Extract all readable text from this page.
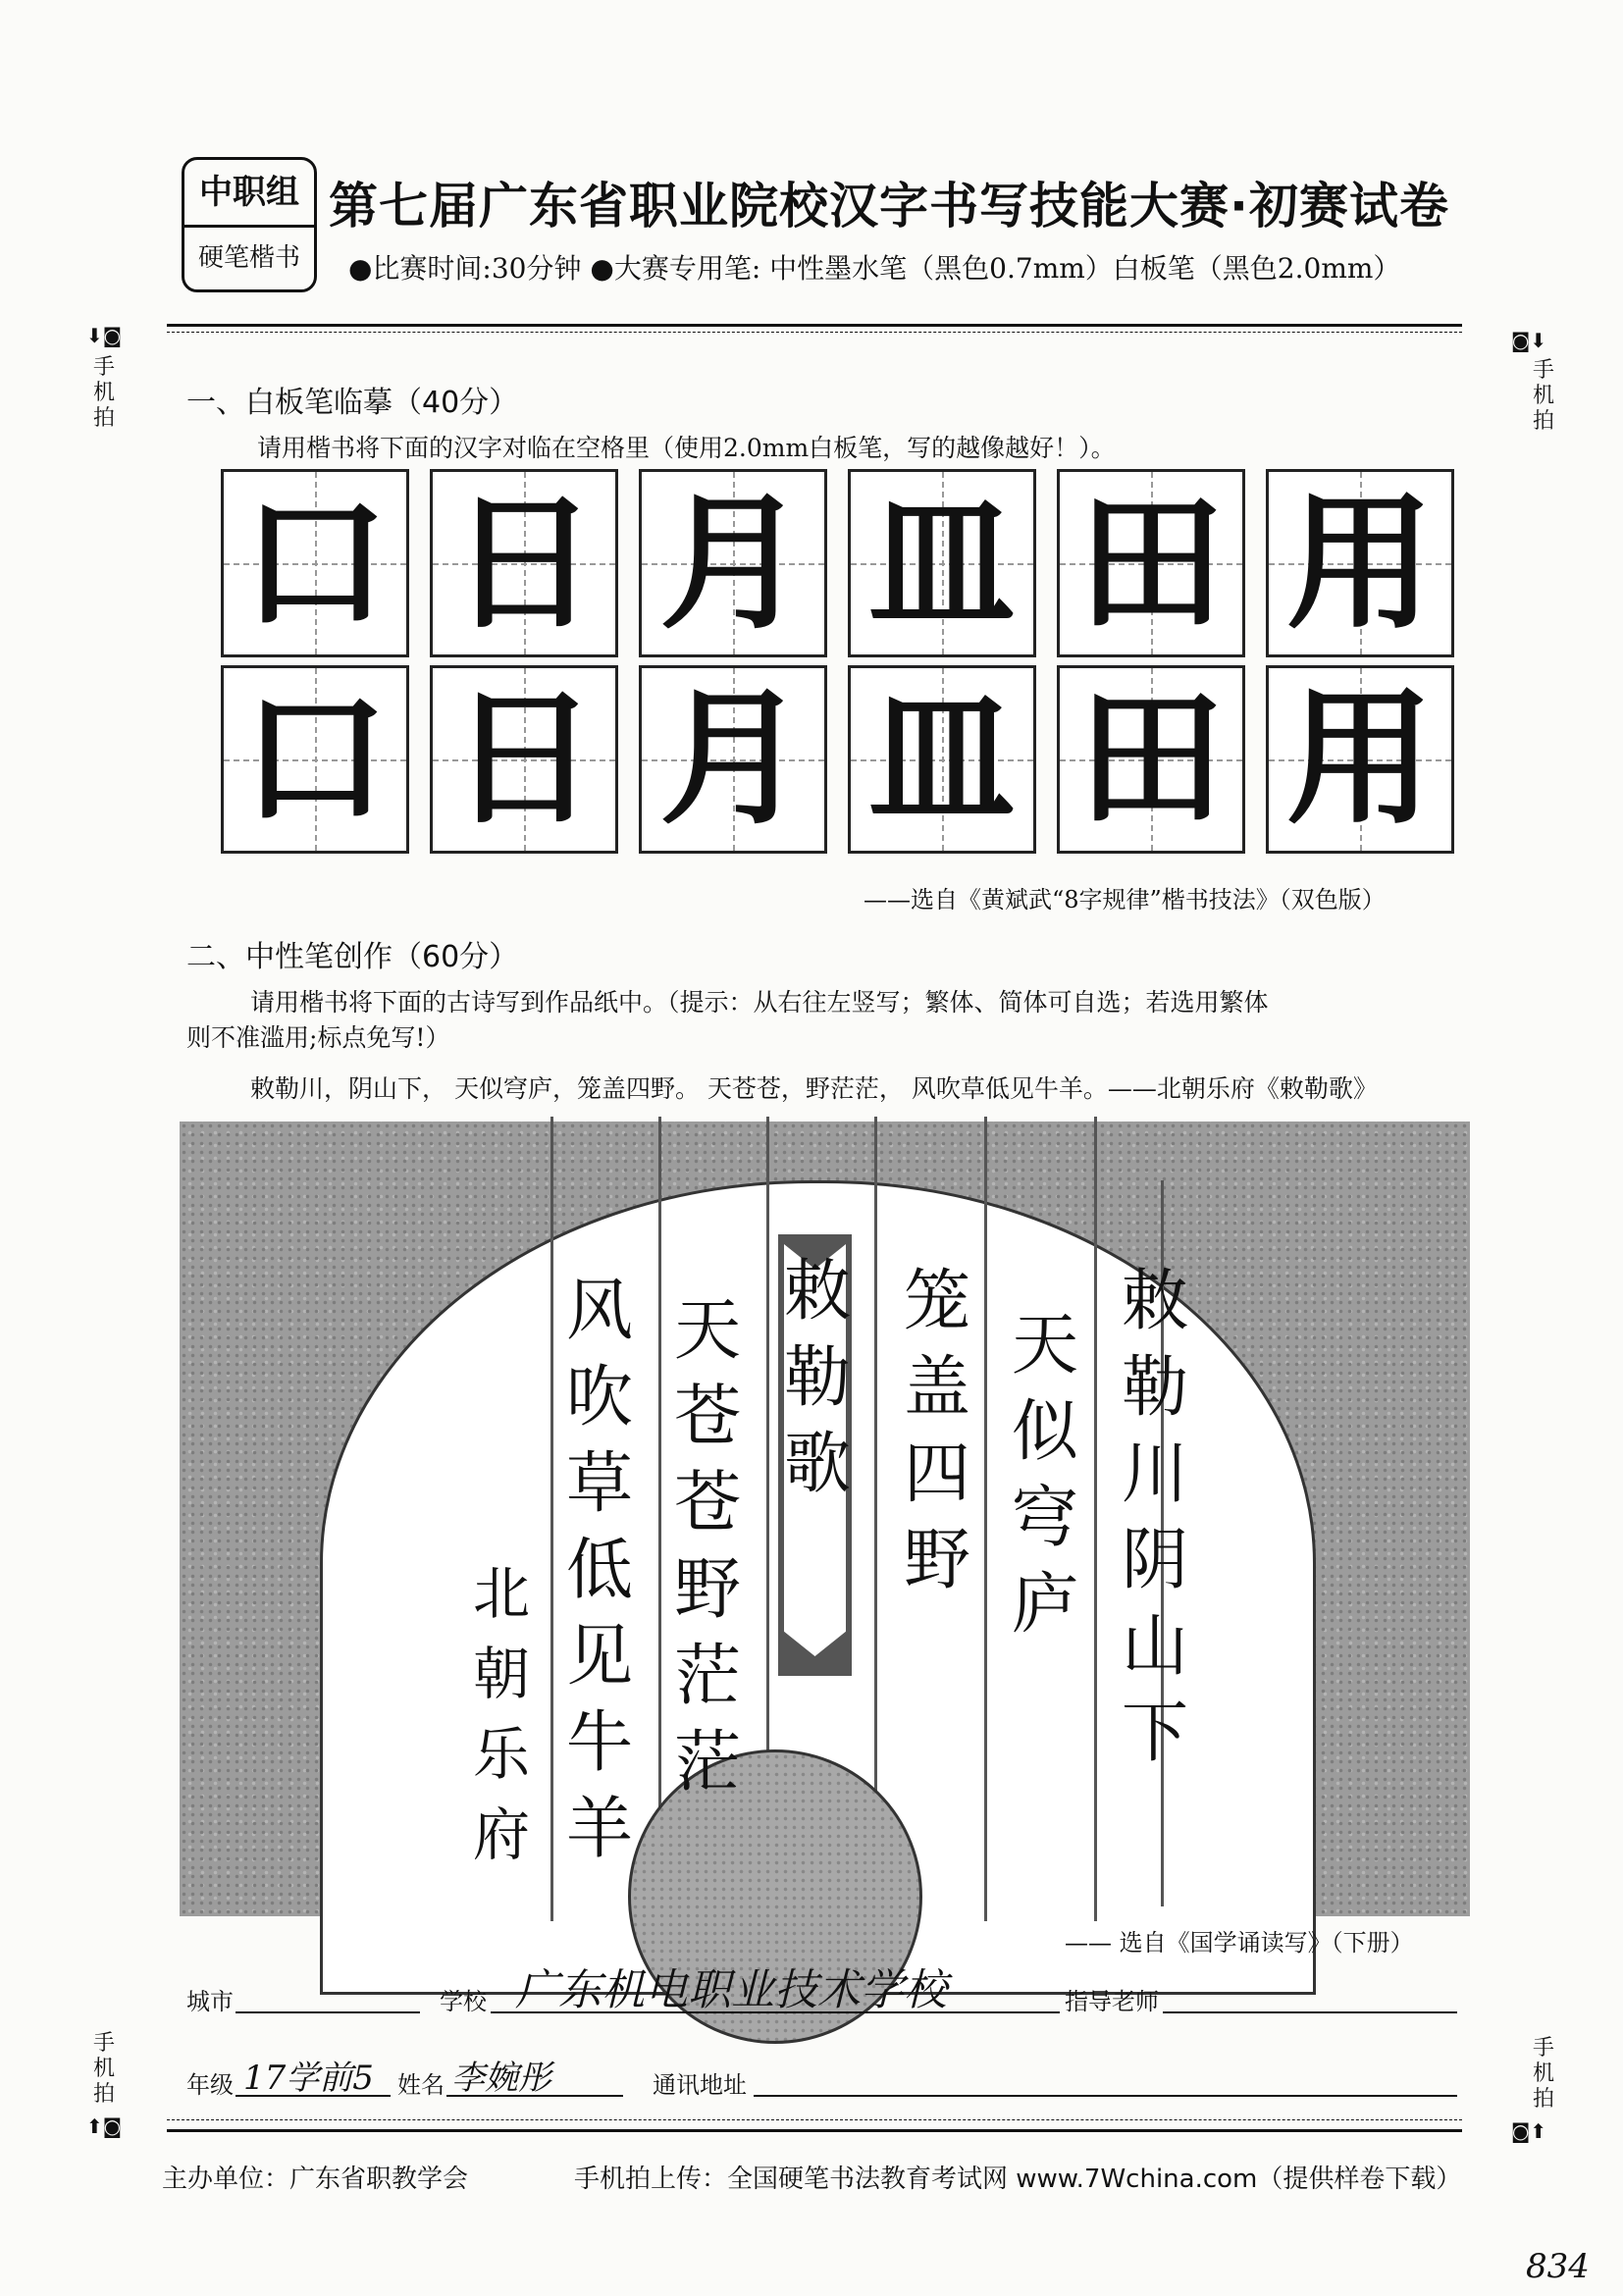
中职组
硬笔楷书
第七届广东省职业院校汉字书写技能大赛·初赛试卷
●比赛时间:30分钟 ●大赛专用笔: 中性墨水笔（黑色0.7mm）白板笔（黑色2.0mm）
⬇◙
手机拍
◙⬇
手机拍
一、白板笔临摹（40分）
请用楷书将下面的汉字对临在空格里（使用2.0mm白板笔，写的越像越好！）。
口 日 月 皿 田 用
口 日 月 皿 田 用
——选自《黄斌武“8字规律”楷书技法》（双色版）
二、中性笔创作（60分）
请用楷书将下面的古诗写到作品纸中。（提示：从右往左竖写；繁体、简体可自选；若选用繁体
则不准滥用;标点免写!）
敕勒川，阴山下， 天似穹庐，笼盖四野。 天苍苍，野茫茫， 风吹草低见牛羊。——北朝乐府《敕勒歌》
敕勒川阴山下
天似穹庐
笼盖四野
敕勒歌
天苍苍野茫茫
风吹草低见牛羊
北朝乐府
—— 选自《国学诵读写》（下册）
城市	学校 广东机电职业技术学校	指导老师
年级 17学前5 姓名 李婉彤	通讯地址
手机拍
⬆◙
手机拍
◙⬆
主办单位：广东省职教学会	手机拍上传：全国硬笔书法教育考试网 www.7Wchina.com（提供样卷下载）
834
